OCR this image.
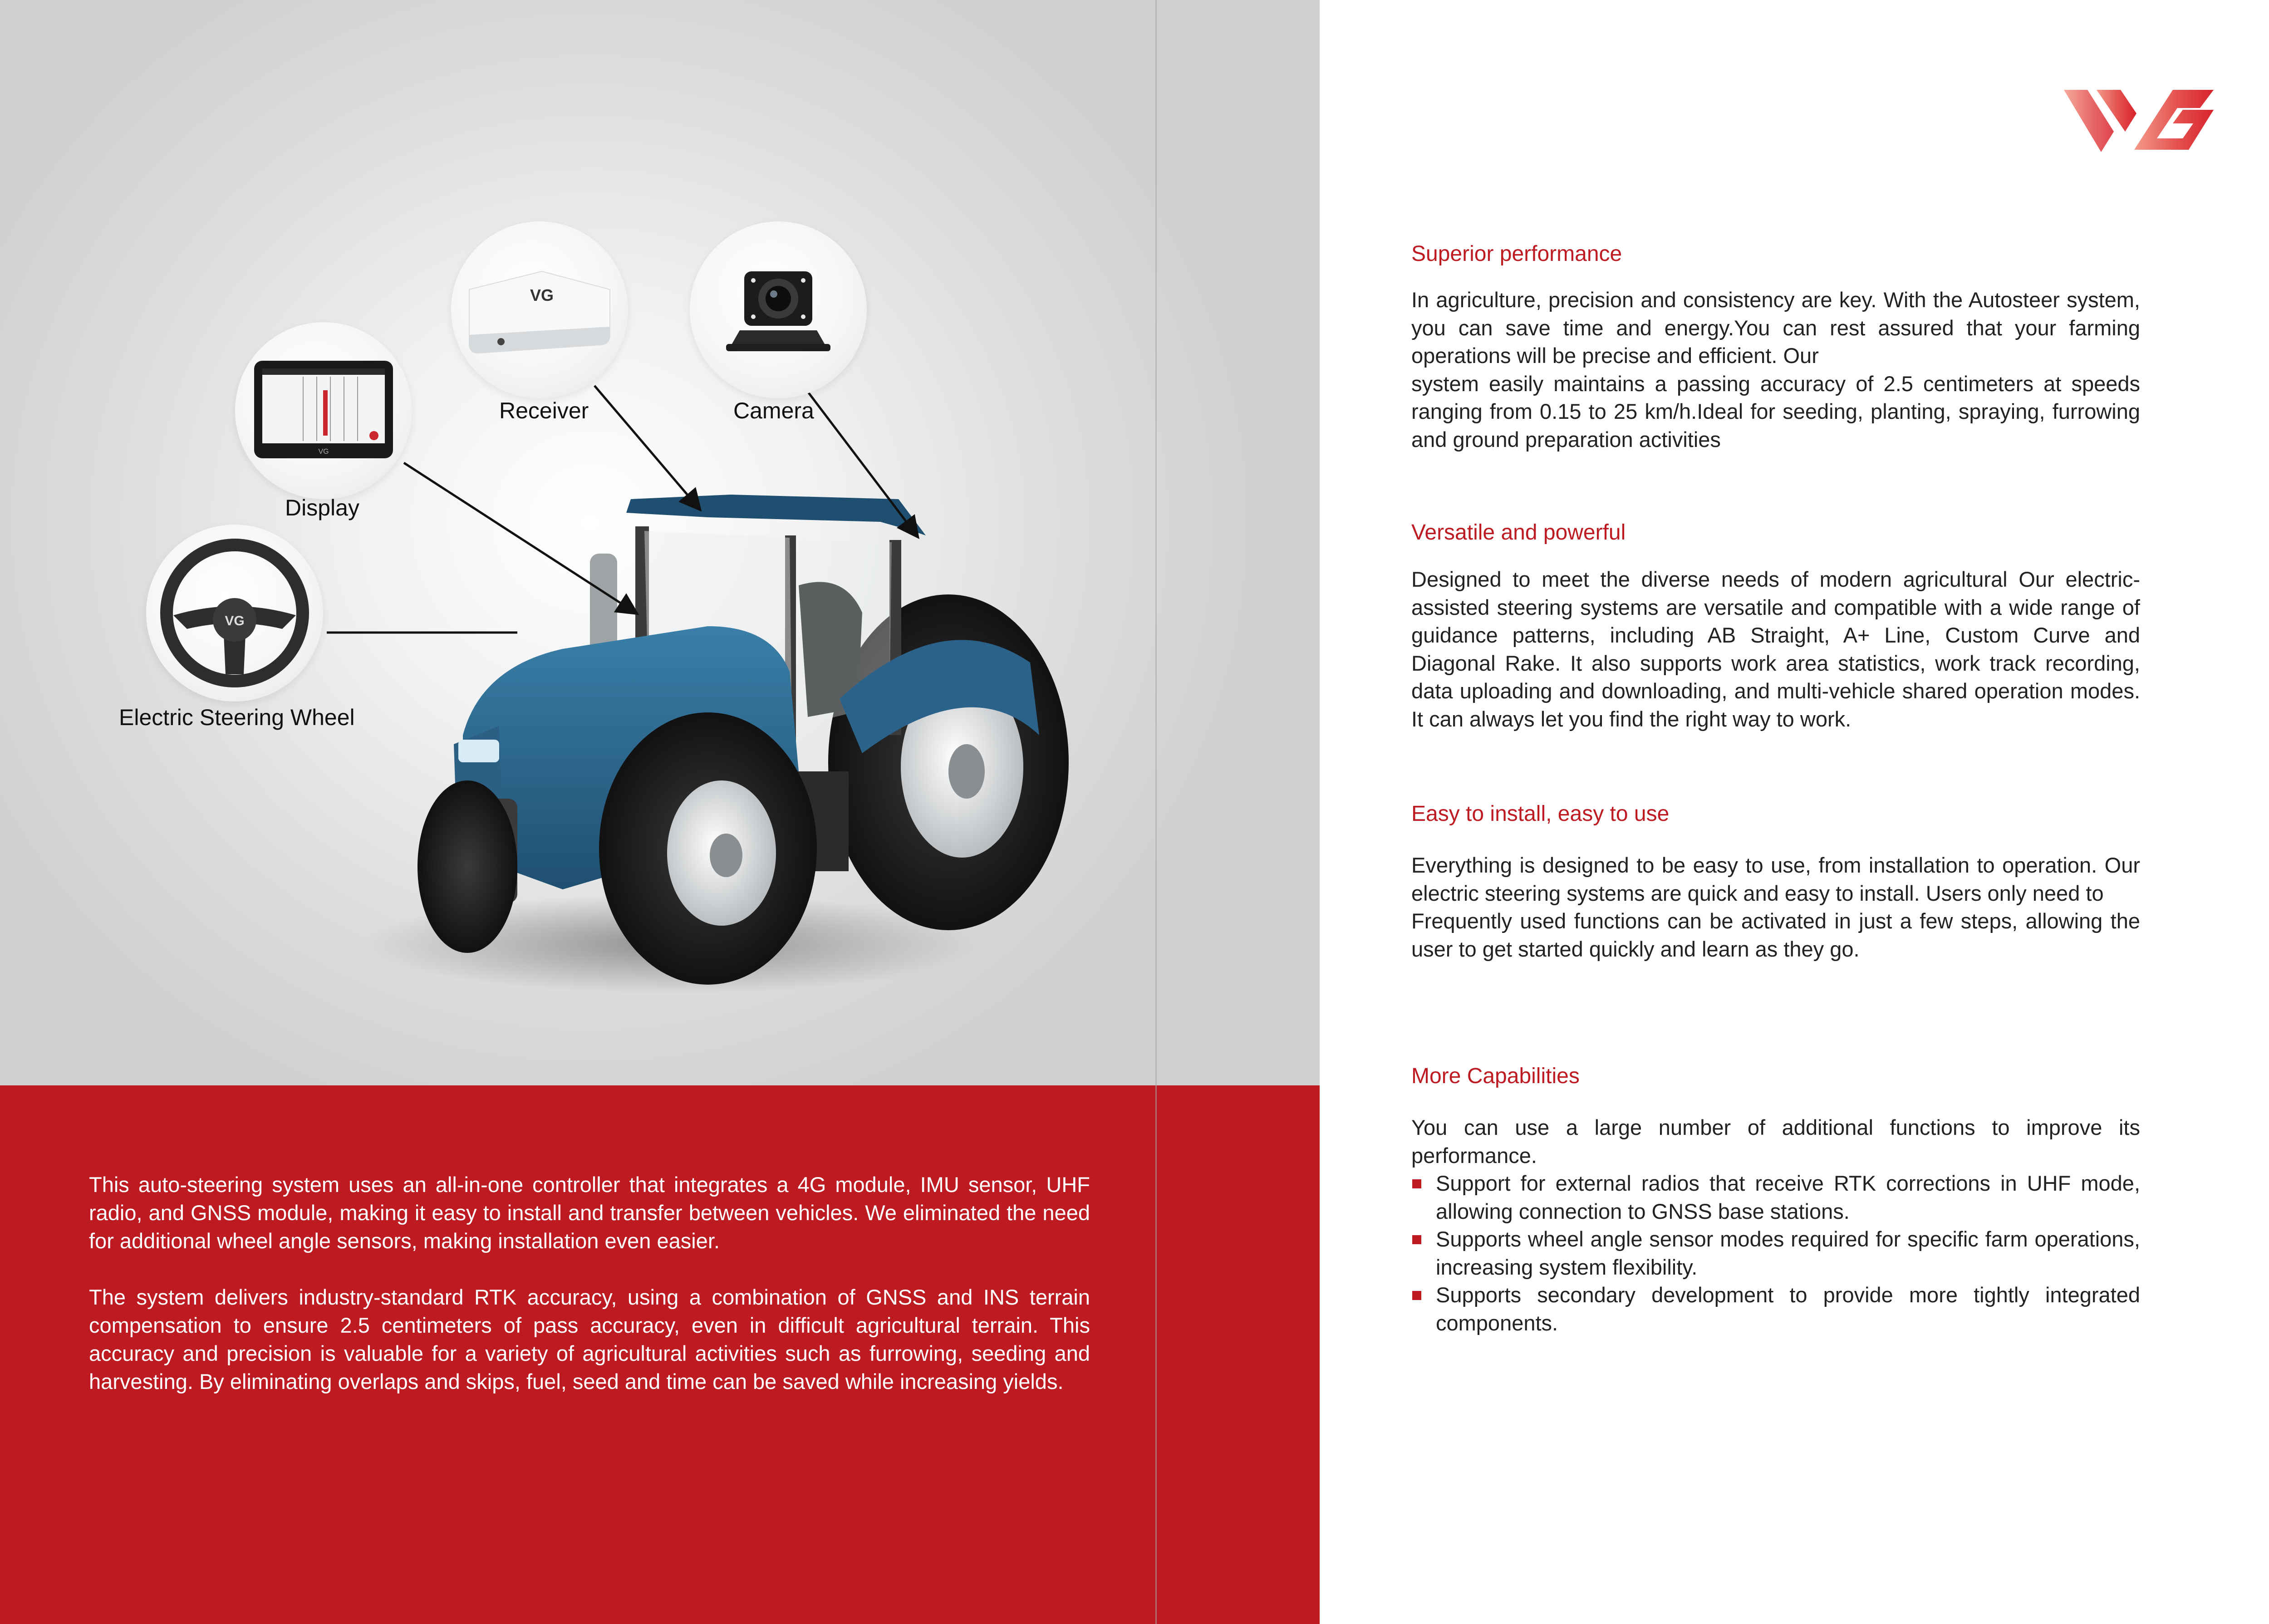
VG
Display
VG
Receiver	Camera
VG
Electric Steering Wheel

This auto-steering system uses an all-in-one controller that integrates a 4G module, IMU sensor, UHF radio, and GNSS module, making it easy to install and transfer between vehicles. We eliminated the need for additional wheel angle sensors, making installation even easier.

The system delivers industry-standard RTK accuracy, using a combination of GNSS and INS terrain compensation to ensure 2.5 centimeters of pass accuracy, even in difficult agricultural terrain. This accuracy and precision is valuable for a variety of agricultural activities such as furrowing, seeding and harvesting. By eliminating overlaps and skips, fuel, seed and time can be saved while increasing yields.

Superior performance

In agriculture, precision and consistency are key. With the Autosteer system, you can save time and energy.You can rest assured that your farming operations will be precise and efficient. Our

system easily maintains a passing accuracy of 2.5 centimeters at speeds ranging from 0.15 to 25 km/h.Ideal for seeding, planting, spraying, furrowing and ground preparation activities

Versatile and powerful

Designed to meet the diverse needs of modern agricultural Our electric-assisted steering systems are versatile and compatible with a wide range of guidance patterns, including AB Straight, A+ Line, Custom Curve and Diagonal Rake. It also supports work area statistics, work track recording, data uploading and downloading, and multi-vehicle shared operation modes. It can always let you find the right way to work.

Easy to install, easy to use

Everything is designed to be easy to use, from installation to operation. Our electric steering systems are quick and easy to install. Users only need to

Frequently used functions can be activated in just a few steps, allowing the user to get started quickly and learn as they go.

More Capabilities

You can use a large number of additional functions to improve its performance.

Support for external radios that receive RTK corrections in UHF mode, allowing connection to GNSS base stations.
Supports wheel angle sensor modes required for specific farm operations, increasing system flexibility.
Supports secondary development to provide more tightly integrated components.
